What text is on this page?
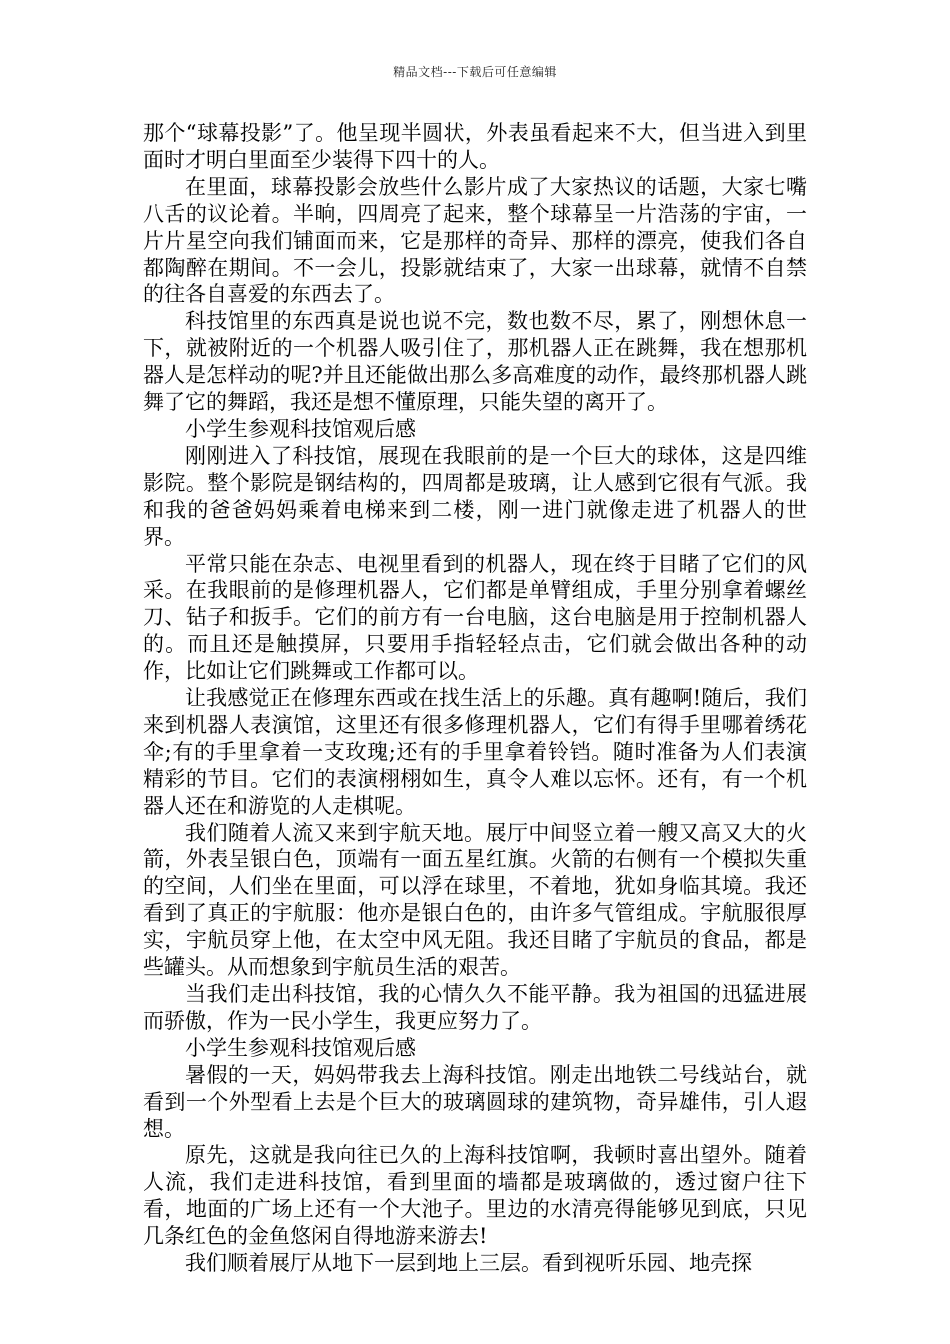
精品文档---下载后可任意编辑

那个“球幕投影”了。他呈现半圆状，外表虽看起来不大，但当进入到里面时才明白里面至少装得下四十的人。

在里面，球幕投影会放些什么影片成了大家热议的话题，大家七嘴八舌的议论着。半晌，四周亮了起来，整个球幕呈一片浩荡的宇宙，一片片星空向我们铺面而来，它是那样的奇异、那样的漂亮，使我们各自都陶醉在期间。不一会儿，投影就结束了，大家一出球幕，就情不自禁的往各自喜爱的东西去了。

科技馆里的东西真是说也说不完，数也数不尽，累了，刚想休息一下，就被附近的一个机器人吸引住了，那机器人正在跳舞，我在想那机器人是怎样动的呢?并且还能做出那么多高难度的动作，最终那机器人跳舞了它的舞蹈，我还是想不懂原理，只能失望的离开了。

小学生参观科技馆观后感

刚刚进入了科技馆，展现在我眼前的是一个巨大的球体，这是四维影院。整个影院是钢结构的，四周都是玻璃，让人感到它很有气派。我和我的爸爸妈妈乘着电梯来到二楼，刚一进门就像走进了机器人的世界。

平常只能在杂志、电视里看到的机器人，现在终于目睹了它们的风采。在我眼前的是修理机器人，它们都是单臂组成，手里分别拿着螺丝刀、钻子和扳手。它们的前方有一台电脑，这台电脑是用于控制机器人的。而且还是触摸屏，只要用手指轻轻点击，它们就会做出各种的动作，比如让它们跳舞或工作都可以。

让我感觉正在修理东西或在找生活上的乐趣。真有趣啊!随后，我们来到机器人表演馆，这里还有很多修理机器人，它们有得手里哪着绣花伞;有的手里拿着一支玫瑰;还有的手里拿着铃铛。随时准备为人们表演精彩的节目。它们的表演栩栩如生，真令人难以忘怀。还有，有一个机器人还在和游览的人走棋呢。

我们随着人流又来到宇航天地。展厅中间竖立着一艘又高又大的火箭，外表呈银白色，顶端有一面五星红旗。火箭的右侧有一个模拟失重的空间，人们坐在里面，可以浮在球里，不着地，犹如身临其境。我还看到了真正的宇航服：他亦是银白色的，由许多气管组成。宇航服很厚实，宇航员穿上他，在太空中风无阻。我还目睹了宇航员的食品，都是些罐头。从而想象到宇航员生活的艰苦。

当我们走出科技馆，我的心情久久不能平静。我为祖国的迅猛进展而骄傲，作为一民小学生，我更应努力了。

小学生参观科技馆观后感

暑假的一天，妈妈带我去上海科技馆。刚走出地铁二号线站台，就看到一个外型看上去是个巨大的玻璃圆球的建筑物，奇异雄伟，引人遐想。

原先，这就是我向往已久的上海科技馆啊，我顿时喜出望外。随着人流，我们走进科技馆，看到里面的墙都是玻璃做的，透过窗户往下看，地面的广场上还有一个大池子。里边的水清亮得能够见到底，只见几条红色的金鱼悠闲自得地游来游去!

我们顺着展厅从地下一层到地上三层。看到视听乐园、地壳探
